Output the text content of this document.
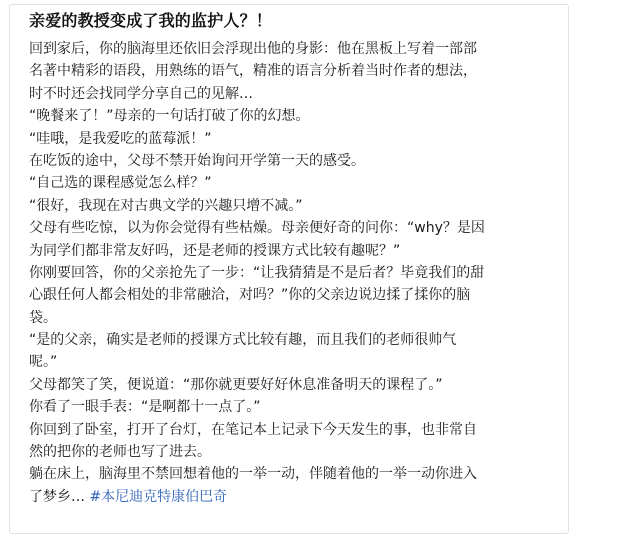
亲爱的教授变成了我的监护人？！
回到家后，你的脑海里还依旧会浮现出他的身影：他在黑板上写着一部部
名著中精彩的语段，用熟练的语气，精准的语言分析着当时作者的想法，
时不时还会找同学分享自己的见解…
“晚餐来了！”母亲的一句话打破了你的幻想。
“哇哦，是我爱吃的蓝莓派！”
在吃饭的途中，父母不禁开始询问开学第一天的感受。
“自己选的课程感觉怎么样？”
“很好，我现在对古典文学的兴趣只增不减。”
父母有些吃惊，以为你会觉得有些枯燥。母亲便好奇的问你：“why？是因
为同学们都非常友好吗，还是老师的授课方式比较有趣呢？”
你刚要回答，你的父亲抢先了一步：“让我猜猜是不是后者？毕竟我们的甜
心跟任何人都会相处的非常融洽，对吗？”你的父亲边说边揉了揉你的脑
袋。
“是的父亲，确实是老师的授课方式比较有趣，而且我们的老师很帅气
呢。”
父母都笑了笑，便说道：“那你就更要好好休息准备明天的课程了。”
你看了一眼手表：“是啊都十一点了。”
你回到了卧室，打开了台灯，在笔记本上记录下今天发生的事，也非常自
然的把你的老师也写了进去。
躺在床上，脑海里不禁回想着他的一举一动，伴随着他的一举一动你进入
了梦乡… #本尼迪克特康伯巴奇
